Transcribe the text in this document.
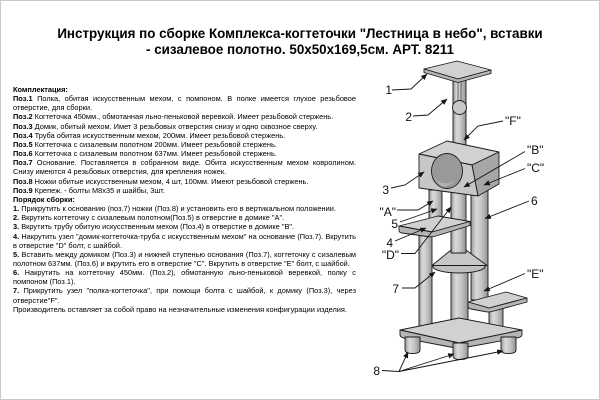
Инструкция по сборке Комплекса-когтеточки "Лестница в небо", вставки
- сизалевое полотно. 50х50х169,5см. АРТ. 8211

Комплектация:

Поз.1 Полка, обитая искусственным мехом, с помпоном. В полке имеется глухое резьбовое отверстие, для сборки.

Поз.2 Когтеточка 450мм., обмотанная льно-пеньковой веревкой. Имеет резьбовой стержень.

Поз.3 Домик, обитый мехом. Имет 3 резьбовых отверстия снизу и одно сквозное сверху.

Поз.4 Труба обитая искусственным мехом, 200мм. Имеет резьбовой стержень.

Поз.5 Когтеточка с сизалевым полотном 200мм. Имеет резьбовой стержень.

Поз.6 Когтеточка с сизалевым полотном 637мм. Имеет резьбовой стержень.

Поз.7 Основание. Поставляется в собранном виде. Обита искусственным мехом ковролином. Снизу имеются 4 резьбовых отверстия, для крепления ножек.

Поз.8 Ножки обитые искусственным мехом, 4 шт, 100мм. Имеют резьбовой стержень.

Поз.9 Крепеж. - болты М8х35 и шайбы, 3шт.

Порядок сборки:

1. Прикрутить к основанию (поз.7) ножки (Поз.8) и установить его в вертикальном положении.

2. Вкрутить когтеточку с сизалевым полотном(Поз.5) в отверстие в домике "А".

3. Вкрутить трубу обитую искусственным мехом (Поз.4) в отверстие в домике "В".

4. Накрутить узел "домик-когтеточка-труба с искусственным мехом" на основание (Поз.7). Вкрутить в отверстие "D" болт, с шайбой.

5. Вставить между домиком (Поз.3) и нижней ступенью основания (Поз.7), когтеточку с сизалевым полотном 637мм. (Поз.6) и вкрутить его в отверстие "С". Вкрутить в отверстие "Е" болт, с шайбой.

6. Накрутить на когтеточку 450мм. (Поз.2), обмотанную льно-пеньковой веревкой, полку с помпоном (Поз.1).

7. Прикрутить узел "полка-когтеточка", при помощи болта с шайбой, к домику (Поз.3), через отверстие"F".

Производитель оставляет за собой право на незначительные изменения конфигурации изделия.

1
2
3
"A"
5
4
"D"
7
8
"F"
"B"
"C"
6
"E"
